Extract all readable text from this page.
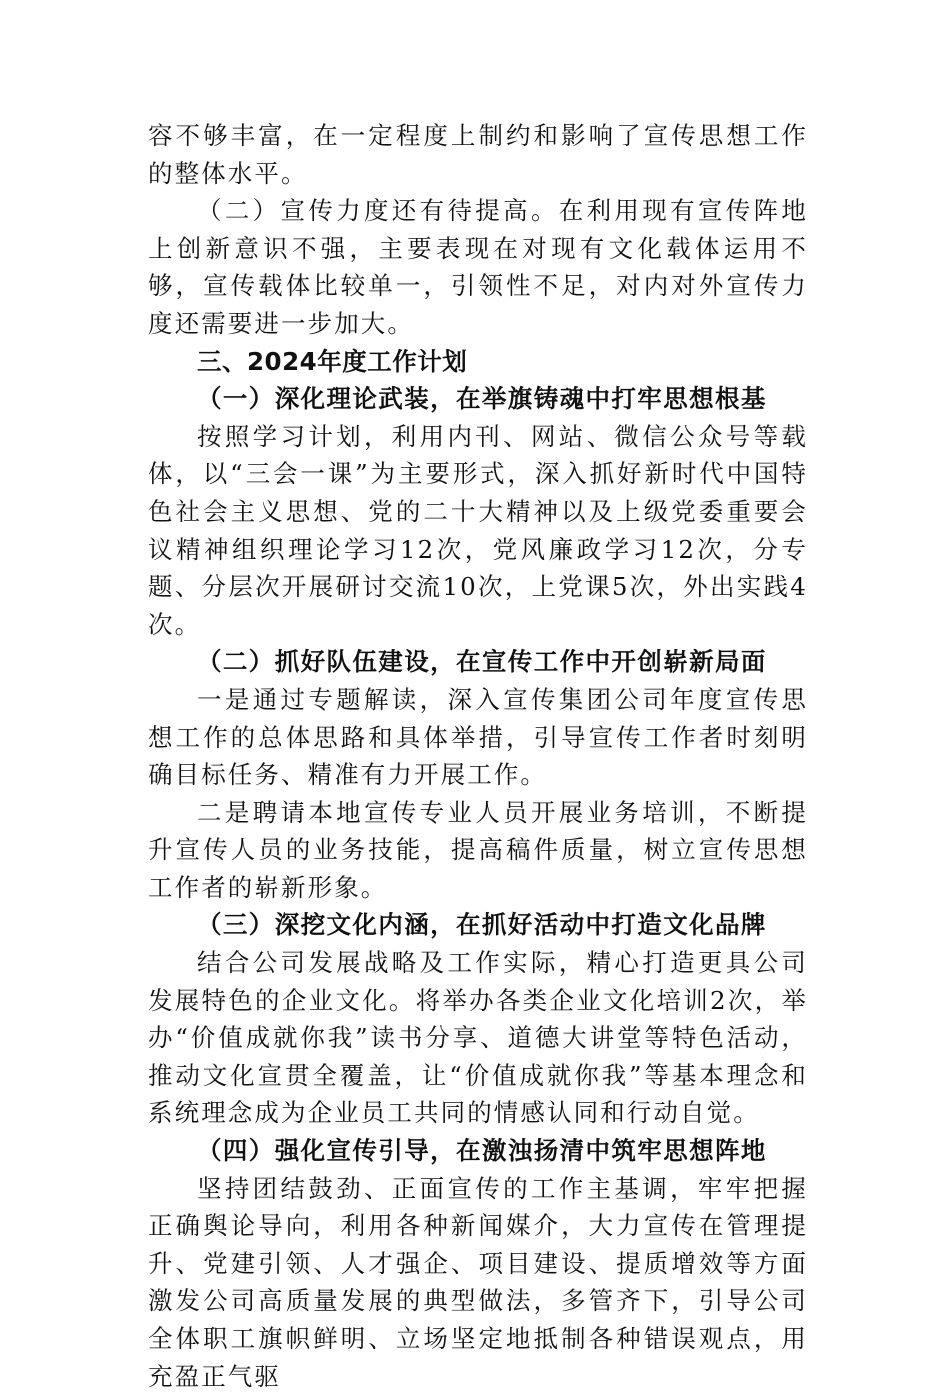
容不够丰富，在一定程度上制约和影响了宣传思想工作的整体水平。

（二）宣传力度还有待提高。在利用现有宣传阵地上创新意识不强，主要表现在对现有文化载体运用不够，宣传载体比较单一，引领性不足，对内对外宣传力度还需要进一步加大。

三、2024年度工作计划

（一）深化理论武装，在举旗铸魂中打牢思想根基

按照学习计划，利用内刊、网站、微信公众号等载体，以“三会一课”为主要形式，深入抓好新时代中国特色社会主义思想、党的二十大精神以及上级党委重要会议精神组织理论学习12次，党风廉政学习12次，分专题、分层次开展研讨交流10次，上党课5次，外出实践4次。

（二）抓好队伍建设，在宣传工作中开创崭新局面

一是通过专题解读，深入宣传集团公司年度宣传思想工作的总体思路和具体举措，引导宣传工作者时刻明确目标任务、精准有力开展工作。

二是聘请本地宣传专业人员开展业务培训，不断提升宣传人员的业务技能，提高稿件质量，树立宣传思想工作者的崭新形象。

（三）深挖文化内涵，在抓好活动中打造文化品牌

结合公司发展战略及工作实际，精心打造更具公司发展特色的企业文化。将举办各类企业文化培训2次，举办“价值成就你我”读书分享、道德大讲堂等特色活动，推动文化宣贯全覆盖，让“价值成就你我”等基本理念和系统理念成为企业员工共同的情感认同和行动自觉。

（四）强化宣传引导，在激浊扬清中筑牢思想阵地

坚持团结鼓劲、正面宣传的工作主基调，牢牢把握正确舆论导向，利用各种新闻媒介，大力宣传在管理提升、党建引领、人才强企、项目建设、提质增效等方面激发公司高质量发展的典型做法，多管齐下，引导公司全体职工旗帜鲜明、立场坚定地抵制各种错误观点，用充盈正气驱
